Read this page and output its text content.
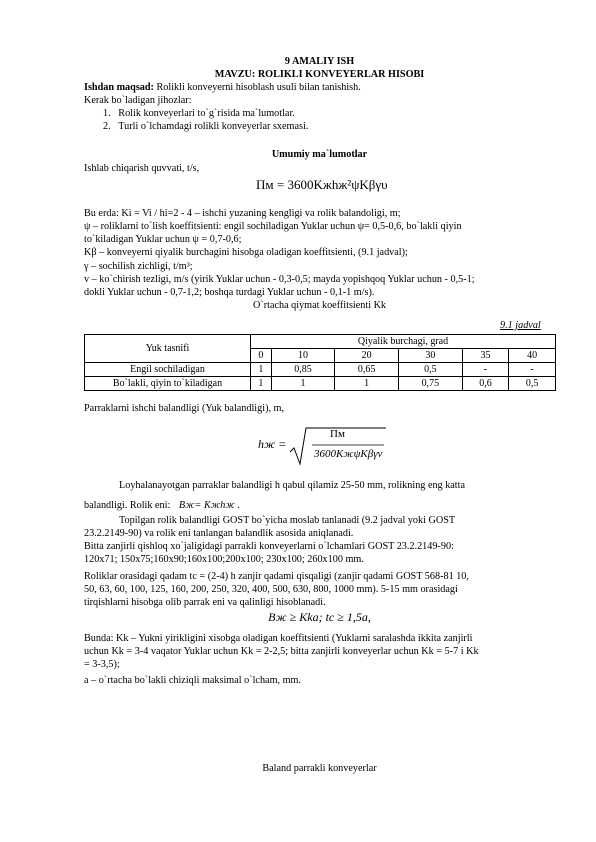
9 AMALIY ISH
MAVZU: ROLIKLI KONVEYERLAR HISOBI
Ishdan maqsad: Rolikli konveyerni hisoblash usuli bilan tanishish.
Kerak bo`ladigan jihozlar:
1.   Rolik konveyerlari to`g`risida ma`lumotlar.
2.   Turli o`lchamdagi rolikli konveyerlar sxemasi.
Umumiy ma`lumotlar
Ishlab chiqarish quvvati, t/s,
Пм = 3600Kжhж²ψKβγυ
Bu erda: Ki = Vi / hi=2 - 4 – ishchi yuzaning kengligi va rolik balandoligi, m;
ψ – roliklarni to`lish koeffitsienti: engil sochiladigan Yuklar uchun ψ= 0,5-0,6, bo`lakli qiyin
to`kiladigan Yuklar uchun ψ = 0,7-0,6;
Kβ – konveyerni qiyalik burchagini hisobga oladigan koeffitsienti, (9.1 jadval);
γ – sochilish zichligi, t/m³;
v – ko`chirish tezligi, m/s (yirik Yuklar uchun - 0,3-0,5; mayda yopishqoq Yuklar uchun - 0,5-1;
dokli Yuklar uchun - 0,7-1,2; boshqa turdagi Yuklar uchun - 0,1-1 m/s).
O`rtacha qiymat koeffitsienti Kk
9.1 jadval
Yuk tasnifi	Qiyalik burchagi, grad					
	0	10	20	30	35	40
Engil sochiladigan	1	0,85	0,65	0,5	-	-
Bo`lakli, qiyin to`kiladigan	1	1	1	0,75	0,6	0,5
Parraklarni ishchi balandligi (Yuk balandligi), m,
hж =
Пм
3600KжψKβγv
Loyhalanayotgan parraklar balandligi h qabul qilamiz 25-50 mm, rolikning eng katta
balandligi. Rolik eni: Bж= Kжhж .
Topilgan rolik balandligi GOST bo`yicha moslab tanlanadi (9.2 jadval yoki GOST
23.2.2149-90) va rolik eni tanlangan balandlik asosida aniqlanadi.
Bitta zanjirli qishloq xo`jaligidagi parrakli konveyerlarni o`lchamlari GOST 23.2.2149-90:
120x71; 150x75;160x90;160x100;200x100; 230x100; 260x100 mm.
Roliklar orasidagi qadam tc = (2-4) h zanjir qadami qisqaligi (zanjir qadami GOST 568-81 10,
50, 63, 60, 100, 125, 160, 200, 250, 320, 400, 500, 630, 800, 1000 mm). 5-15 mm orasidagi
tirqishlarni hisobga olib parrak eni va qalinligi hisoblanadi.
Bж ≥ Kka; tc ≥ 1,5a,
Bunda: Kk – Yukni yirikligini xisobga oladigan koeffitsienti (Yuklarni saralashda ikkita zanjirli
uchun Kk = 3-4 vaqator Yuklar uchun Kk = 2-2,5; bitta zanjirli konveyerlar uchun Kk = 5-7 i Kk
= 3-3,5);
a – o`rtacha bo`lakli chiziqli maksimal o`lcham, mm.
Baland parrakli konveyerlar
